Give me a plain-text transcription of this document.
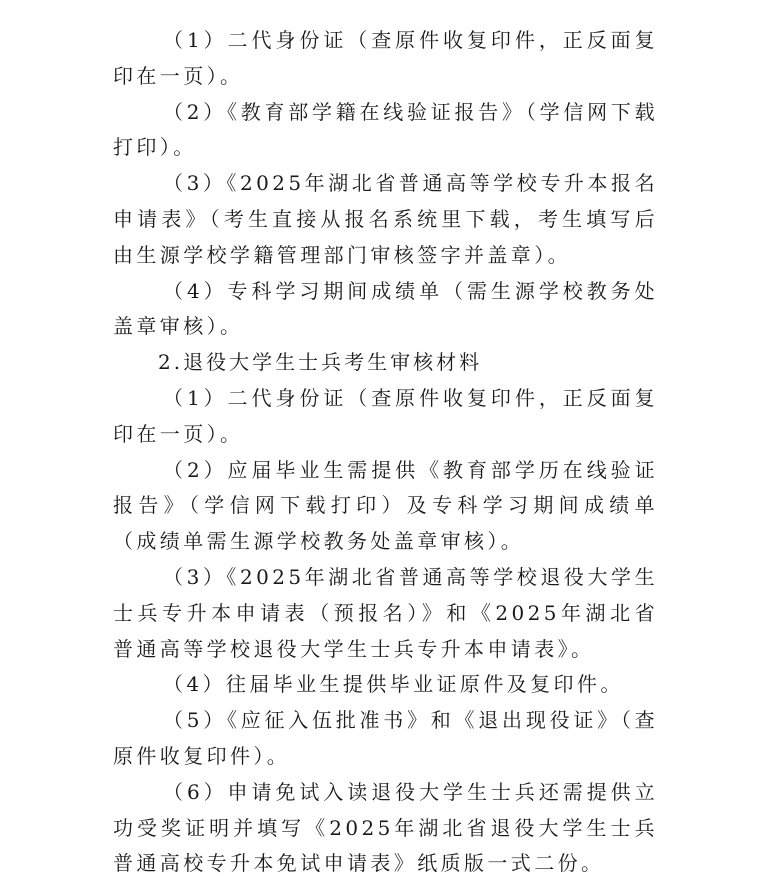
（1）二代身份证（查原件收复印件，正反面复印在一页）。

（2）《教育部学籍在线验证报告》（学信网下载打印）。

（3）《2025年湖北省普通高等学校专升本报名申请表》（考生直接从报名系统里下载，考生填写后由生源学校学籍管理部门审核签字并盖章）。

（4）专科学习期间成绩单（需生源学校教务处盖章审核）。

2.退役大学生士兵考生审核材料

（1）二代身份证（查原件收复印件，正反面复印在一页）。

（2）应届毕业生需提供《教育部学历在线验证报告》（学信网下载打印）及专科学习期间成绩单（成绩单需生源学校教务处盖章审核）。

（3）《2025年湖北省普通高等学校退役大学生士兵专升本申请表（预报名）》和《2025年湖北省普通高等学校退役大学生士兵专升本申请表》。

（4）往届毕业生提供毕业证原件及复印件。

（5）《应征入伍批准书》和《退出现役证》（查原件收复印件）。

（6）申请免试入读退役大学生士兵还需提供立功受奖证明并填写《2025年湖北省退役大学生士兵普通高校专升本免试申请表》纸质版一式二份。
